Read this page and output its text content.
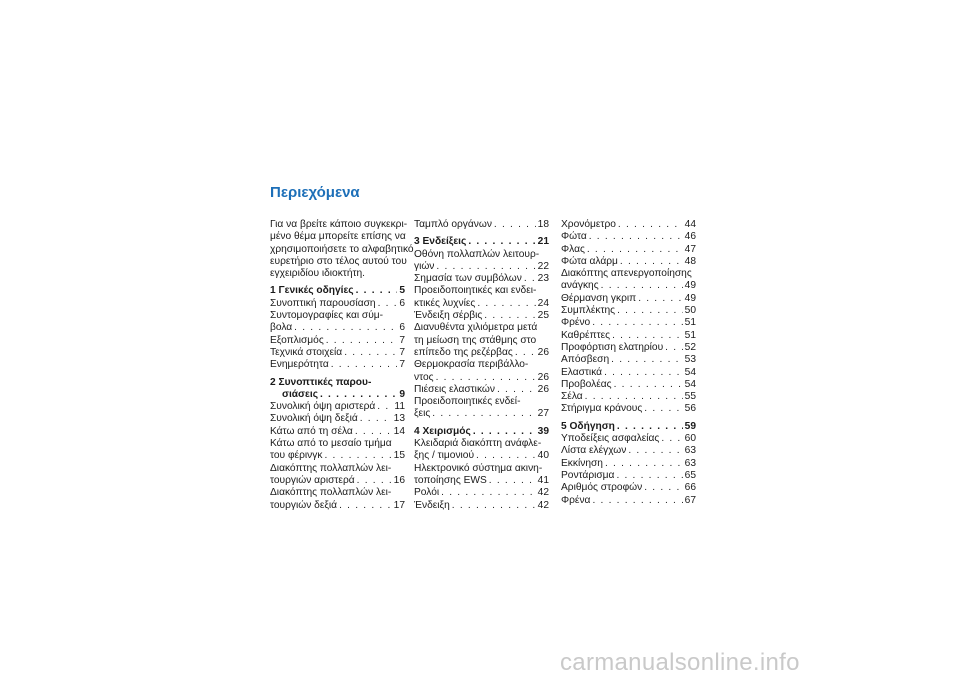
Περιεχόμενα
Για να βρείτε κάποιο συγκεκρι-
μένο θέμα μπορείτε επίσης να
χρησιμοποιήσετε το αλφαβητικό
ευρετήριο στο τέλος αυτού του
εγχειριδίου ιδιοκτήτη.
1 Γενικές οδηγίες . . .	5
Συνοπτική παρουσίαση . . . 6
Συντομογραφίες και σύμ-
βολα . . .	6
Εξοπλισμός . . .	7
Τεχνικά στοιχεία . . .	7
Ενημερότητα . . .	7
2 Συνοπτικές παρου-
σιάσεις . . .	9
Συνολική όψη αριστερά . . . 11
Συνολική όψη δεξιά . . .	13
Κάτω από τη σέλα . . .	14
Κάτω από το μεσαίο τμήμα
του φέρινγκ . . .	15
Διακόπτης πολλαπλών λει-
τουργιών αριστερά . . .	16
Διακόπτης πολλαπλών λει-
τουργιών δεξιά . . .	17
Ταμπλό οργάνων . . .	18
3 Ενδείξεις . . .	21
Οθόνη πολλαπλών λειτουρ-
γιών . . .	22
Σημασία των συμβόλων . . . 23
Προειδοποιητικές και ενδει-
κτικές λυχνίες . . .	24
Ένδειξη σέρβις . . .	25
Διανυθέντα χιλιόμετρα μετά
τη μείωση της στάθμης στο
επίπεδο της ρεζέρβας . . . 26
Θερμοκρασία περιβάλλο-
ντος . . .	26
Πιέσεις ελαστικών . . .	26
Προειδοποιητικές ενδεί-
ξεις . . .	27
4 Χειρισμός . . .	39
Κλειδαριά διακόπτη ανάφλε-
ξης / τιμονιού . . .	40
Ηλεκτρονικό σύστημα ακινη-
τοποίησης EWS . . .	41
Ρολόι . . .	42
Ένδειξη . . .	42
Χρονόμετρο . . .	44
Φώτα . . .	46
Φλας . . .	47
Φώτα αλάρμ . . .	48
Διακόπτης απενεργοποίησης
ανάγκης . . .	49
Θέρμανση γκριπ . . .	49
Συμπλέκτης . . .	50
Φρένο . . .	51
Καθρέπτες . . .	51
Προφόρτιση ελατηρίου . . . 52
Απόσβεση . . .	53
Ελαστικά . . .	54
Προβολέας . . .	54
Σέλα . . .	55
Στήριγμα κράνους . . .	56
5 Οδήγηση . . .	59
Υποδείξεις ασφαλείας . . . 60
Λίστα ελέγχων . . .	63
Εκκίνηση . . .	63
Ροντάρισμα . . .	65
Αριθμός στροφών . . .	66
Φρένα . . .	67
carmanualsonline.info
